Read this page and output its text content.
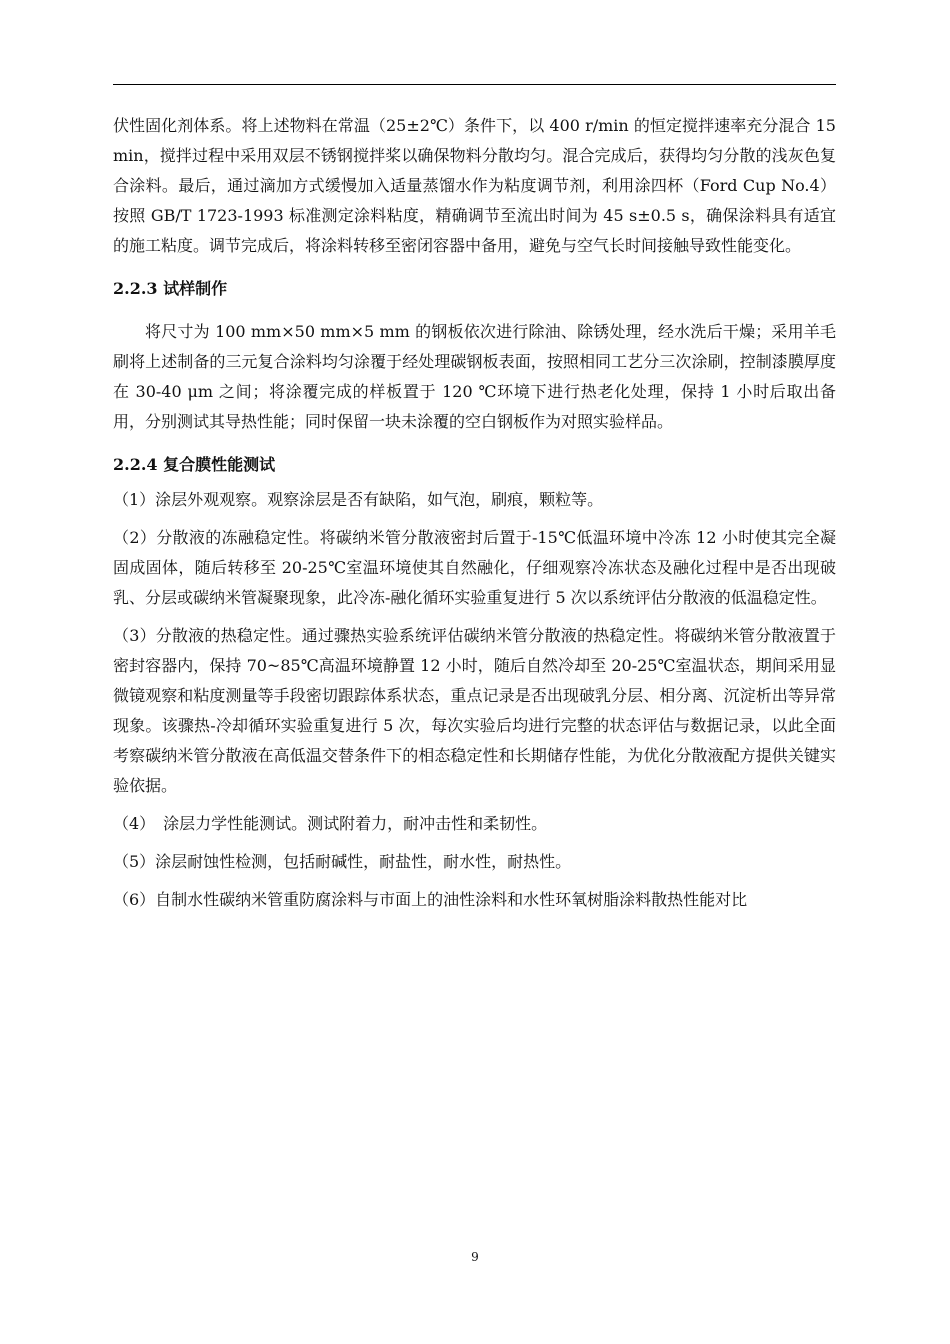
伏性固化剂体系。将上述物料在常温（25±2℃）条件下，以 400 r/min 的恒定搅拌速率充分混合 15 min，搅拌过程中采用双层不锈钢搅拌桨以确保物料分散均匀。混合完成后，获得均匀分散的浅灰色复合涂料。最后，通过滴加方式缓慢加入适量蒸馏水作为粘度调节剂，利用涂四杯（Ford Cup No.4）按照 GB/T 1723-1993 标准测定涂料粘度，精确调节至流出时间为 45 s±0.5 s，确保涂料具有适宜的施工粘度。调节完成后，将涂料转移至密闭容器中备用，避免与空气长时间接触导致性能变化。

2.2.3 试样制作

将尺寸为 100 mm×50 mm×5 mm 的钢板依次进行除油、除锈处理，经水洗后干燥；采用羊毛刷将上述制备的三元复合涂料均匀涂覆于经处理碳钢板表面，按照相同工艺分三次涂刷，控制漆膜厚度在 30-40 μm 之间；将涂覆完成的样板置于 120 ℃环境下进行热老化处理，保持 1 小时后取出备用，分别测试其导热性能；同时保留一块未涂覆的空白钢板作为对照实验样品。

2.2.4 复合膜性能测试

（1）涂层外观观察。观察涂层是否有缺陷，如气泡，刷痕，颗粒等。

（2）分散液的冻融稳定性。将碳纳米管分散液密封后置于-15℃低温环境中冷冻 12 小时使其完全凝固成固体，随后转移至 20-25℃室温环境使其自然融化，仔细观察冷冻状态及融化过程中是否出现破乳、分层或碳纳米管凝聚现象，此冷冻-融化循环实验重复进行 5 次以系统评估分散液的低温稳定性。

（3）分散液的热稳定性。通过骤热实验系统评估碳纳米管分散液的热稳定性。将碳纳米管分散液置于密封容器内，保持 70~85℃高温环境静置 12 小时，随后自然冷却至 20-25℃室温状态，期间采用显微镜观察和粘度测量等手段密切跟踪体系状态，重点记录是否出现破乳分层、相分离、沉淀析出等异常现象。该骤热-冷却循环实验重复进行 5 次，每次实验后均进行完整的状态评估与数据记录，以此全面考察碳纳米管分散液在高低温交替条件下的相态稳定性和长期储存性能，为优化分散液配方提供关键实验依据。

（4）　涂层力学性能测试。测试附着力，耐冲击性和柔韧性。

（5）涂层耐蚀性检测，包括耐碱性，耐盐性，耐水性，耐热性。

（6）自制水性碳纳米管重防腐涂料与市面上的油性涂料和水性环氧树脂涂料散热性能对比

9
